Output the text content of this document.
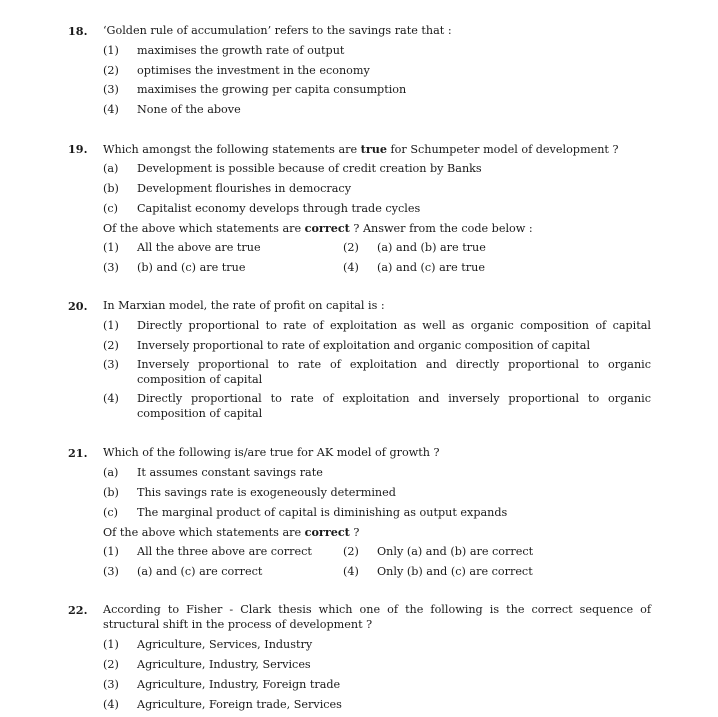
18. ‘Golden rule of accumulation’ refers to the savings rate that :
(1) maximises the growth rate of output
(2) optimises the investment in the economy
(3) maximises the growing per capita consumption
(4) None of the above
19. Which amongst the following statements are true for Schumpeter model of development ?
(a) Development is possible because of credit creation by Banks
(b) Development flourishes in democracy
(c) Capitalist economy develops through trade cycles
Of the above which statements are correct ? Answer from the code below :
(1) All the above are true	(2) (a) and (b) are true
(3) (b) and (c) are true	(4) (a) and (c) are true
20. In Marxian model, the rate of profit on capital is :
(1) Directly proportional to rate of exploitation as well as organic composition of capital
(2) Inversely proportional to rate of exploitation and organic composition of capital
(3) Inversely proportional to rate of exploitation and directly proportional to organic
composition of capital
(4) Directly proportional to rate of exploitation and inversely proportional to organic
composition of capital
21. Which of the following is/are true for AK model of growth ?
(a) It assumes constant savings rate
(b) This savings rate is exogeneously determined
(c) The marginal product of capital is diminishing as output expands
Of the above which statements are correct ?
(1) All the three above are correct	(2) Only (a) and (b) are correct
(3) (a) and (c) are correct	(4) Only (b) and (c) are correct
22. According to Fisher - Clark thesis which one of the following is the correct sequence of
structural shift in the process of development ?
(1) Agriculture, Services, Industry
(2) Agriculture, Industry, Services
(3) Agriculture, Industry, Foreign trade
(4) Agriculture, Foreign trade, Services
